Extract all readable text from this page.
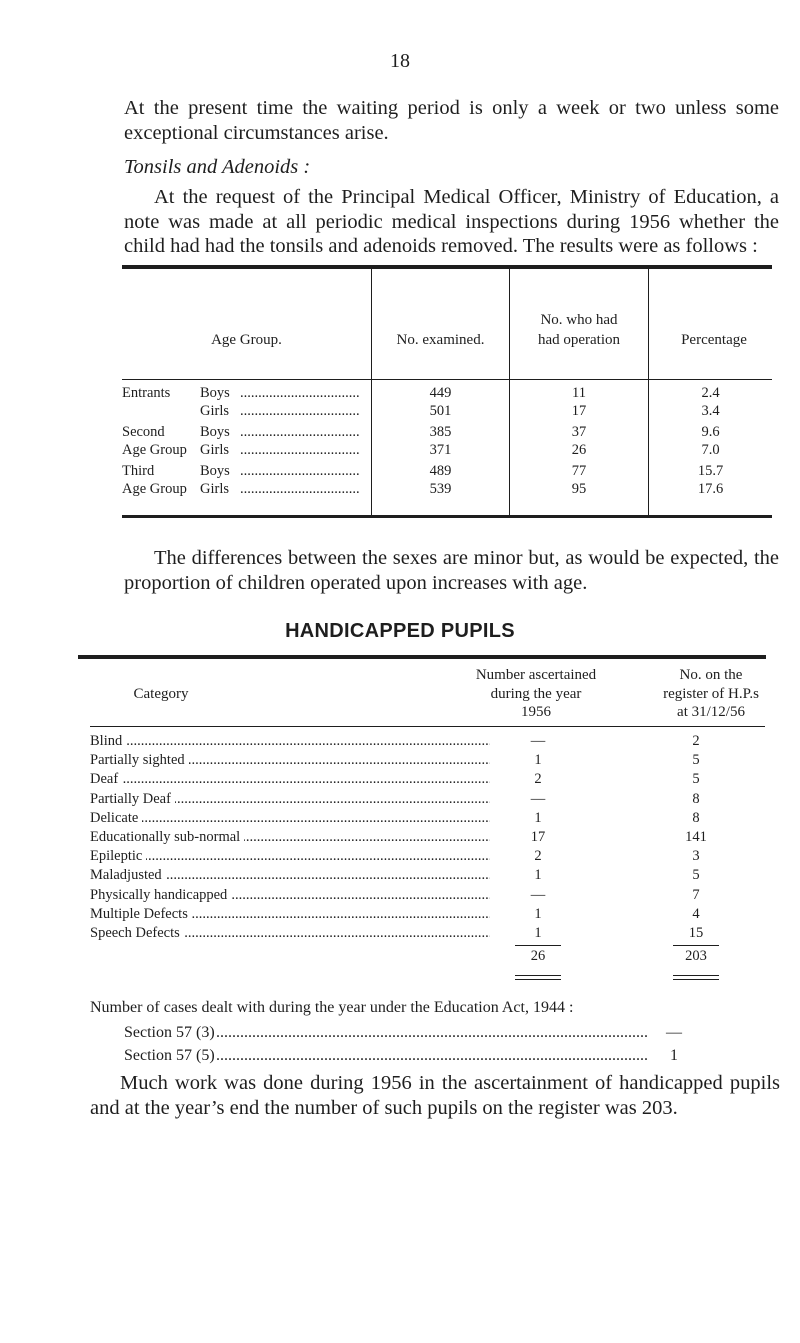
18
At the present time the waiting period is only a week or two unless some exceptional circumstances arise.
Tonsils and Adenoids :
At the request of the Principal Medical Officer, Ministry of Education, a note was made at all periodic medical inspections during 1956 whether the child had had the tonsils and adenoids removed. The results were as follows :
Age Group.	No. examined.
No. who had
had operation	Percentage
Entrants Boys .....	449	11	2.4
Girls .....	501	17	3.4
Second Boys .....	385	37	9.6
Age Group Girls .....	371	26	7.0
Third	Boys .....	489	77	15.7
Age Group Girls .....	539	95	17.6
The differences between the sexes are minor but, as would be expected, the proportion of children operated upon increases with age.
HANDICAPPED PUPILS
Category
Number ascertained
during the year
1956
No. on the
register of H.P.s
at 31/12/56
.....
Blind	—	2
.....
Partially sighted	1	5
.....
Deaf	2	5
.....
Partially Deaf	—	8
.....
Delicate	1	8
.....
Educationally sub-normal	17	141
.....
Epileptic	2	3
.....
Maladjusted	1	5
.....
Physically handicapped	—	7
.....
Multiple Defects	1	4
.....
Speech Defects	1	15
26	203
Number of cases dealt with during the year under the Education Act, 1944 :
.....
Section 57 (3)	—
.....
Section 57 (5)	1
Much work was done during 1956 in the ascertainment of handicapped pupils and at the year’s end the number of such pupils on the register was 203.
